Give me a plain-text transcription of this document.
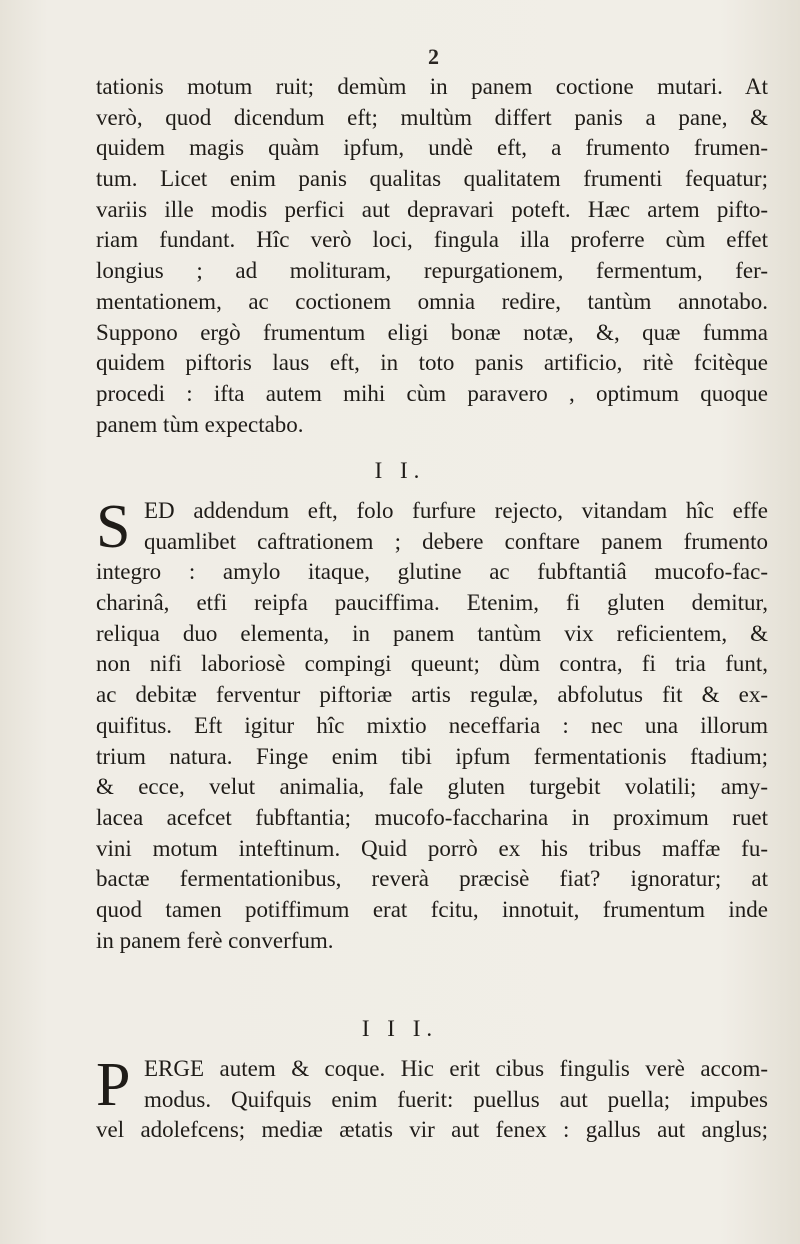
2
tationis motum ruit; demùm in panem coctione mutari. At
verò, quod dicendum eft; multùm differt panis a pane, &
quidem magis quàm ipfum, undè eft, a frumento frumen-
tum. Licet enim panis qualitas qualitatem frumenti fequatur;
variis ille modis perfici aut depravari poteft. Hæc artem pifto-
riam fundant. Hîc verò loci, fingula illa proferre cùm effet
longius ; ad molituram, repurgationem, fermentum, fer-
mentationem, ac coctionem omnia redire, tantùm annotabo.
Suppono ergò frumentum eligi bonæ notæ, &, quæ fumma
quidem piftoris laus eft, in toto panis artificio, ritè fcitèque
procedi : ifta autem mihi cùm paravero , optimum quoque
panem tùm expectabo.
I I.
S ED addendum eft, folo furfure rejecto, vitandam hîc effe
quamlibet caftrationem ; debere conftare panem frumento
integro : amylo itaque, glutine ac fubftantiâ mucofo-fac-
charinâ, etfi reipfa pauciffima. Etenim, fi gluten demitur,
reliqua duo elementa, in panem tantùm vix reficientem, &
non nifi laboriosè compingi queunt; dùm contra, fi tria funt,
ac debitæ ferventur piftoriæ artis regulæ, abfolutus fit & ex-
quifitus. Eft igitur hîc mixtio neceffaria : nec una illorum
trium natura. Finge enim tibi ipfum fermentationis ftadium;
& ecce, velut animalia, fale gluten turgebit volatili; amy-
lacea acefcet fubftantia; mucofo-faccharina in proximum ruet
vini motum inteftinum. Quid porrò ex his tribus maffæ fu-
bactæ fermentationibus, reverà præcisè fiat? ignoratur; at
quod tamen potiffimum erat fcitu, innotuit, frumentum inde
in panem ferè converfum.
I I I.
P ERGE autem & coque. Hic erit cibus fingulis verè accom-
modus. Quifquis enim fuerit: puellus aut puella; impubes
vel adolefcens; mediæ ætatis vir aut fenex : gallus aut anglus;
